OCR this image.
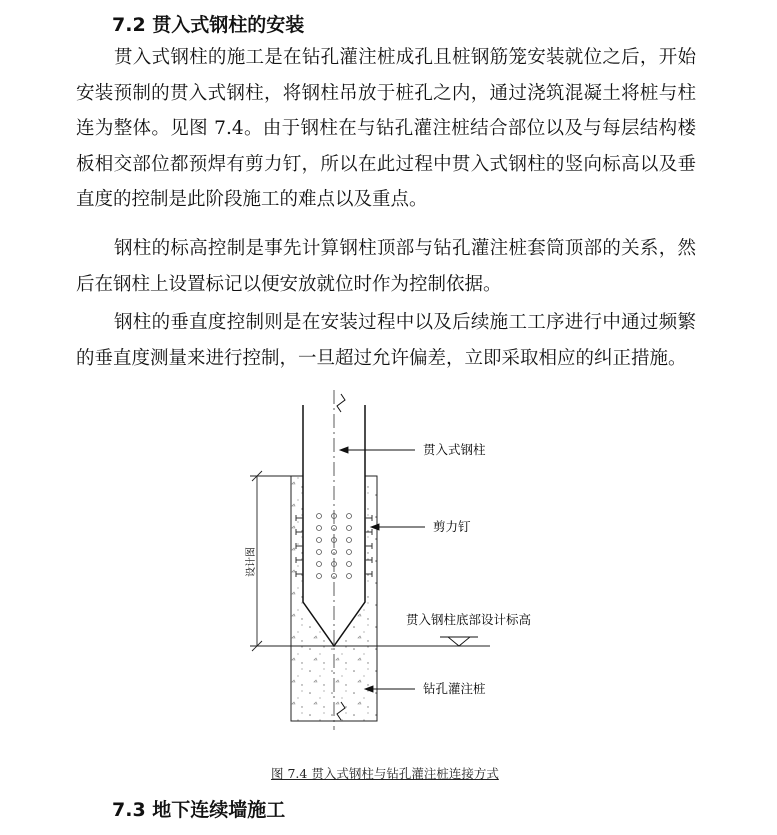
7.2 贯入式钢柱的安装

贯入式钢柱的施工是在钻孔灌注桩成孔且桩钢筋笼安装就位之后，开始安装预制的贯入式钢柱，将钢柱吊放于桩孔之内，通过浇筑混凝土将桩与柱连为整体。见图 7.4。由于钢柱在与钻孔灌注桩结合部位以及与每层结构楼板相交部位都预焊有剪力钉，所以在此过程中贯入式钢柱的竖向标高以及垂直度的控制是此阶段施工的难点以及重点。

钢柱的标高控制是事先计算钢柱顶部与钻孔灌注桩套筒顶部的关系，然后在钢柱上设置标记以便安放就位时作为控制依据。

钢柱的垂直度控制则是在安装过程中以及后续施工工序进行中通过频繁的垂直度测量来进行控制，一旦超过允许偏差，立即采取相应的纠正措施。

设计图
贯入式钢柱
剪力钉
贯入钢柱底部设计标高
钻孔灌注桩
图 7.4 贯入式钢柱与钻孔灌注桩连接方式
7.3 地下连续墙施工
